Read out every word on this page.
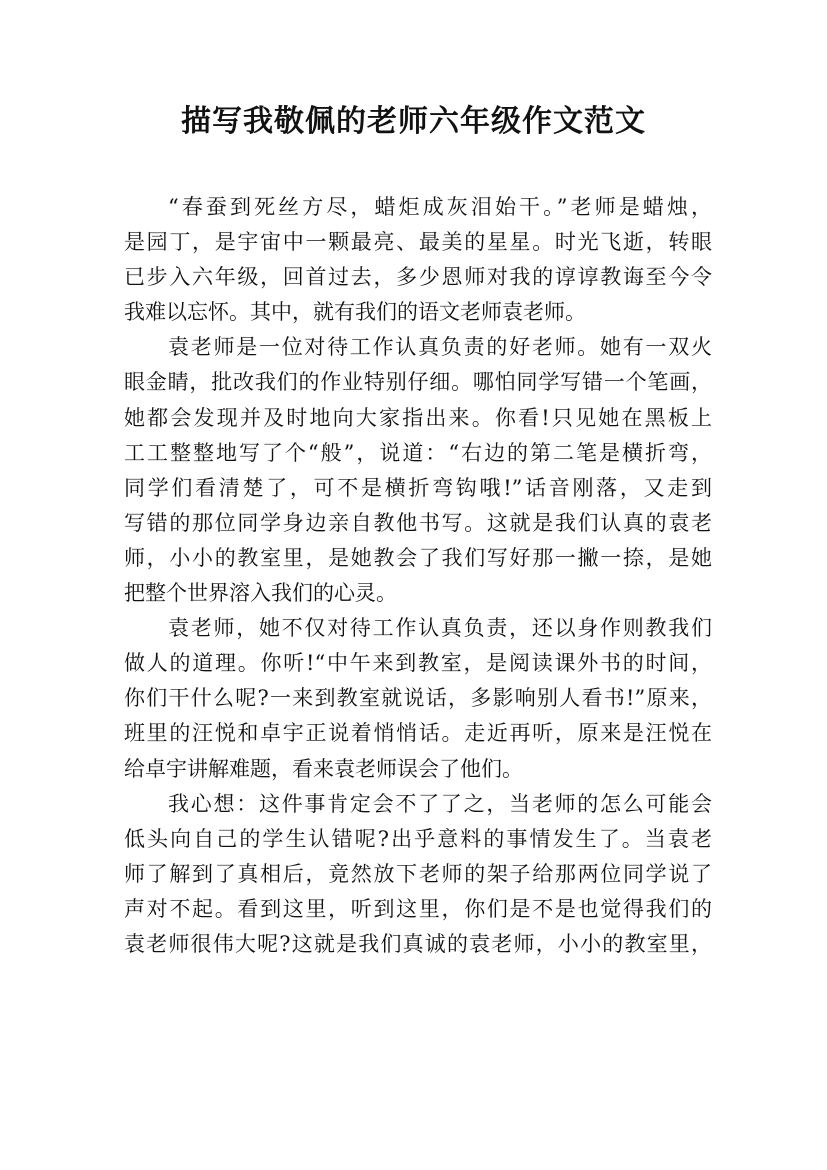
描写我敬佩的老师六年级作文范文

“春蚕到死丝方尽，蜡炬成灰泪始干。”老师是蜡烛，
是园丁，是宇宙中一颗最亮、最美的星星。时光飞逝，转眼
已步入六年级，回首过去，多少恩师对我的谆谆教诲至今令
我难以忘怀。其中，就有我们的语文老师袁老师。

袁老师是一位对待工作认真负责的好老师。她有一双火
眼金睛，批改我们的作业特别仔细。哪怕同学写错一个笔画，
她都会发现并及时地向大家指出来。你看!只见她在黑板上
工工整整地写了个“般”，说道：“右边的第二笔是横折弯，
同学们看清楚了，可不是横折弯钩哦!”话音刚落，又走到
写错的那位同学身边亲自教他书写。这就是我们认真的袁老
师，小小的教室里，是她教会了我们写好那一撇一捺，是她
把整个世界溶入我们的心灵。

袁老师，她不仅对待工作认真负责，还以身作则教我们
做人的道理。你听!“中午来到教室，是阅读课外书的时间，
你们干什么呢?一来到教室就说话，多影响别人看书!”原来，
班里的汪悦和卓宇正说着悄悄话。走近再听，原来是汪悦在
给卓宇讲解难题，看来袁老师误会了他们。

我心想：这件事肯定会不了了之，当老师的怎么可能会
低头向自己的学生认错呢?出乎意料的事情发生了。当袁老
师了解到了真相后，竟然放下老师的架子给那两位同学说了
声对不起。看到这里，听到这里，你们是不是也觉得我们的
袁老师很伟大呢?这就是我们真诚的袁老师，小小的教室里，
